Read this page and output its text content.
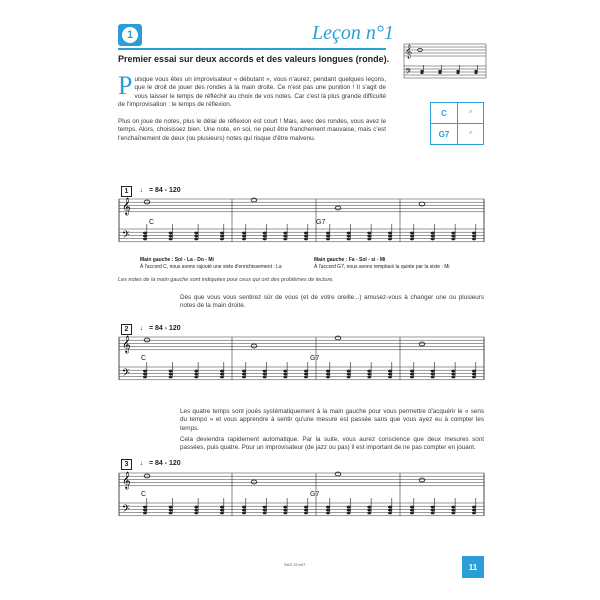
1	Leçon n°1
Premier essai sur deux accords et des valeurs longues (ronde).
P uisque vous êtes un improvisateur « débutant », vous n'aurez, pendant quelques leçons, que le droit de jouer des rondes à la main droite. Ce n'est pas une punition ! Il s'agit de vous laisser le temps de réfléchir au choix de vos notes. Car c'est là plus grande difficulté de l'improvisation : le temps de réflexion.
Plus on joue de notes, plus le délai de réflexion est court ! Mais, avec des rondes, vous avez le temps. Alors, choisissez bien. Une note, en soi, ne peut être franchement mauvaise, mais c'est l'enchaînement de deux (ou plusieurs) notes qui risque d'être malvenu.
𝄞
𝄢
C	𝄎
G7	𝄎
1	♩ = 84 - 120
C	G7
Main gauche : Sol - La - Do - Mi
À l'accord C, nous avons rajouté une sixte d'enrichissement : La
Main gauche : Fa - Sol - si - Mi
À l'accord G7, nous avons remplacé la quinte par la sixte : Mi
Les notes de la main gauche sont indiquées pour ceux qui ont des problèmes de lecture.
Dès que vous vous sentirez sûr de vous (et de votre oreille...) amusez-vous à changer une ou plusieurs notes de la main droite.
2	♩ = 84 - 120
C	G7
Les quatre temps sont joués systématiquement à la main gauche pour vous permettre d'acquérir le « sens du tempo » et vous apprendre à sentir qu'une mesure est passée sans que vous ayez eu à compter les temps.
Cela deviendra rapidement automatique. Par la suite, vous aurez conscience que deux mesures sont passées, puis quatre. Pour un improvisateur (de jazz ou pas) il est important de ne pas compter en jouant.
3	♩ = 84 - 120
C	G7
SAS 19 e07	11
𝄞
𝄢
𝄞
𝄢
𝄞
𝄢
